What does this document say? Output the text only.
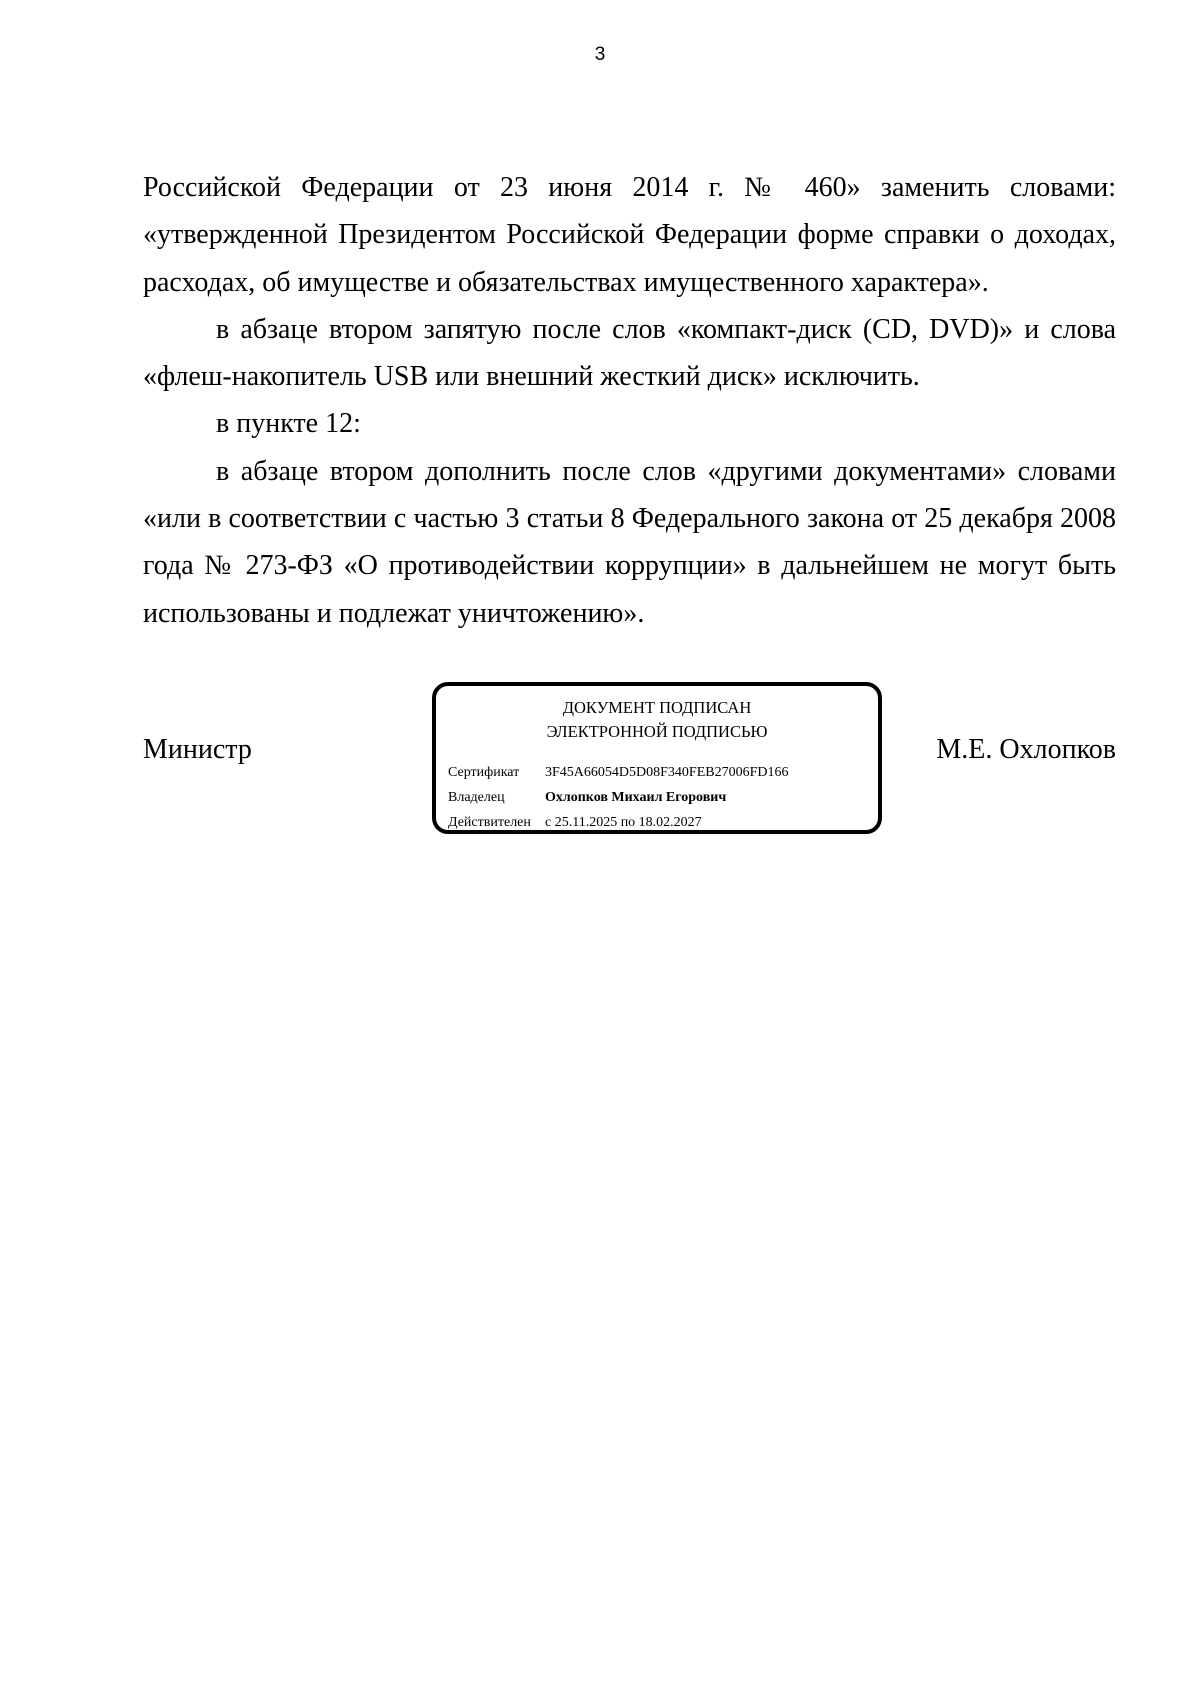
3

Российской Федерации от 23 июня 2014 г. № 460» заменить словами: «утвержденной Президентом Российской Федерации форме справки о доходах, расходах, об имуществе и обязательствах имущественного характера».

в абзаце втором запятую после слов «компакт-диск (CD, DVD)» и слова «флеш-накопитель USB или внешний жесткий диск» исключить.

в пункте 12:

в абзаце втором дополнить после слов «другими документами» словами «или в соответствии с частью 3 статьи 8 Федерального закона от 25 декабря 2008 года № 273-ФЗ «О противодействии коррупции» в дальнейшем не могут быть использованы и подлежат уничтожению».

Министр
ДОКУМЕНТ ПОДПИСАН
ЭЛЕКТРОННОЙ ПОДПИСЬЮ
Сертификат 3F45A66054D5D08F340FEB27006FD166
Владелец	Охлопков Михаил Егорович
Действителен с 25.11.2025 по 18.02.2027
М.Е. Охлопков
